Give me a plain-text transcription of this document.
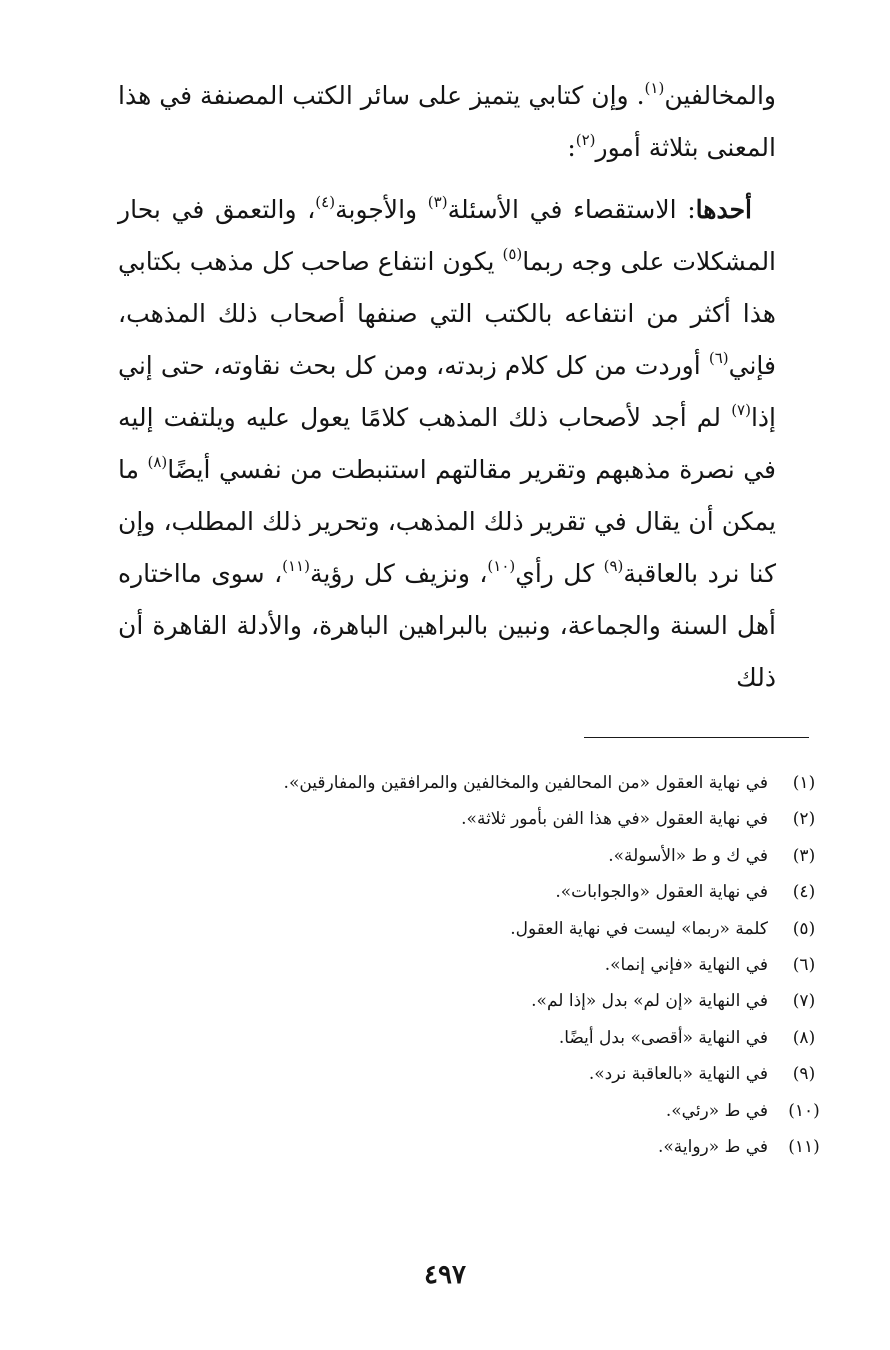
والمخالفين$^{(١)}$. وإن كتابي يتميز على سائر الكتب المصنفة في هذا المعنى بثلاثة أمور$^{(٢)}$:

أحدها: الاستقصاء في الأسئلة$^{(٣)}$ والأجوبة$^{(٤)}$، والتعمق في بحار المشكلات على وجه ربما$^{(٥)}$ يكون انتفاع صاحب كل مذهب بكتابي هذا أكثر من انتفاعه بالكتب التي صنفها أصحاب ذلك المذهب، فإني$^{(٦)}$ أوردت من كل كلام زبدته، ومن كل بحث نقاوته، حتى إني إذا$^{(٧)}$ لم أجد لأصحاب ذلك المذهب كلامًا يعول عليه ويلتفت إليه في نصرة مذهبهم وتقرير مقالتهم استنبطت من نفسي أيضًا$^{(٨)}$ ما يمكن أن يقال في تقرير ذلك المذهب، وتحرير ذلك المطلب، وإن كنا نرد بالعاقبة$^{(٩)}$ كل رأي$^{(١٠)}$، ونزيف كل رؤية$^{(١١)}$، سوى مااختاره أهل السنة والجماعة، ونبين بالبراهين الباهرة، والأدلة القاهرة أن ذلك

(١)في نهاية العقول «من المحالفين والمخالفين والمرافقين والمفارقين».
(٢)في نهاية العقول «في هذا الفن بأمور ثلاثة».
(٣)في ك و ط «الأسولة».
(٤)في نهاية العقول «والجوابات».
(٥)كلمة «ربما» ليست في نهاية العقول.
(٦)في النهاية «فإني إنما».
(٧)في النهاية «إن لم» بدل «إذا لم».
(٨)في النهاية «أقصى» بدل أيضًا.
(٩)في النهاية «بالعاقبة نرد».
(١٠)في ط «رئي».
(١١)في ط «رواية».
٤٩٧
